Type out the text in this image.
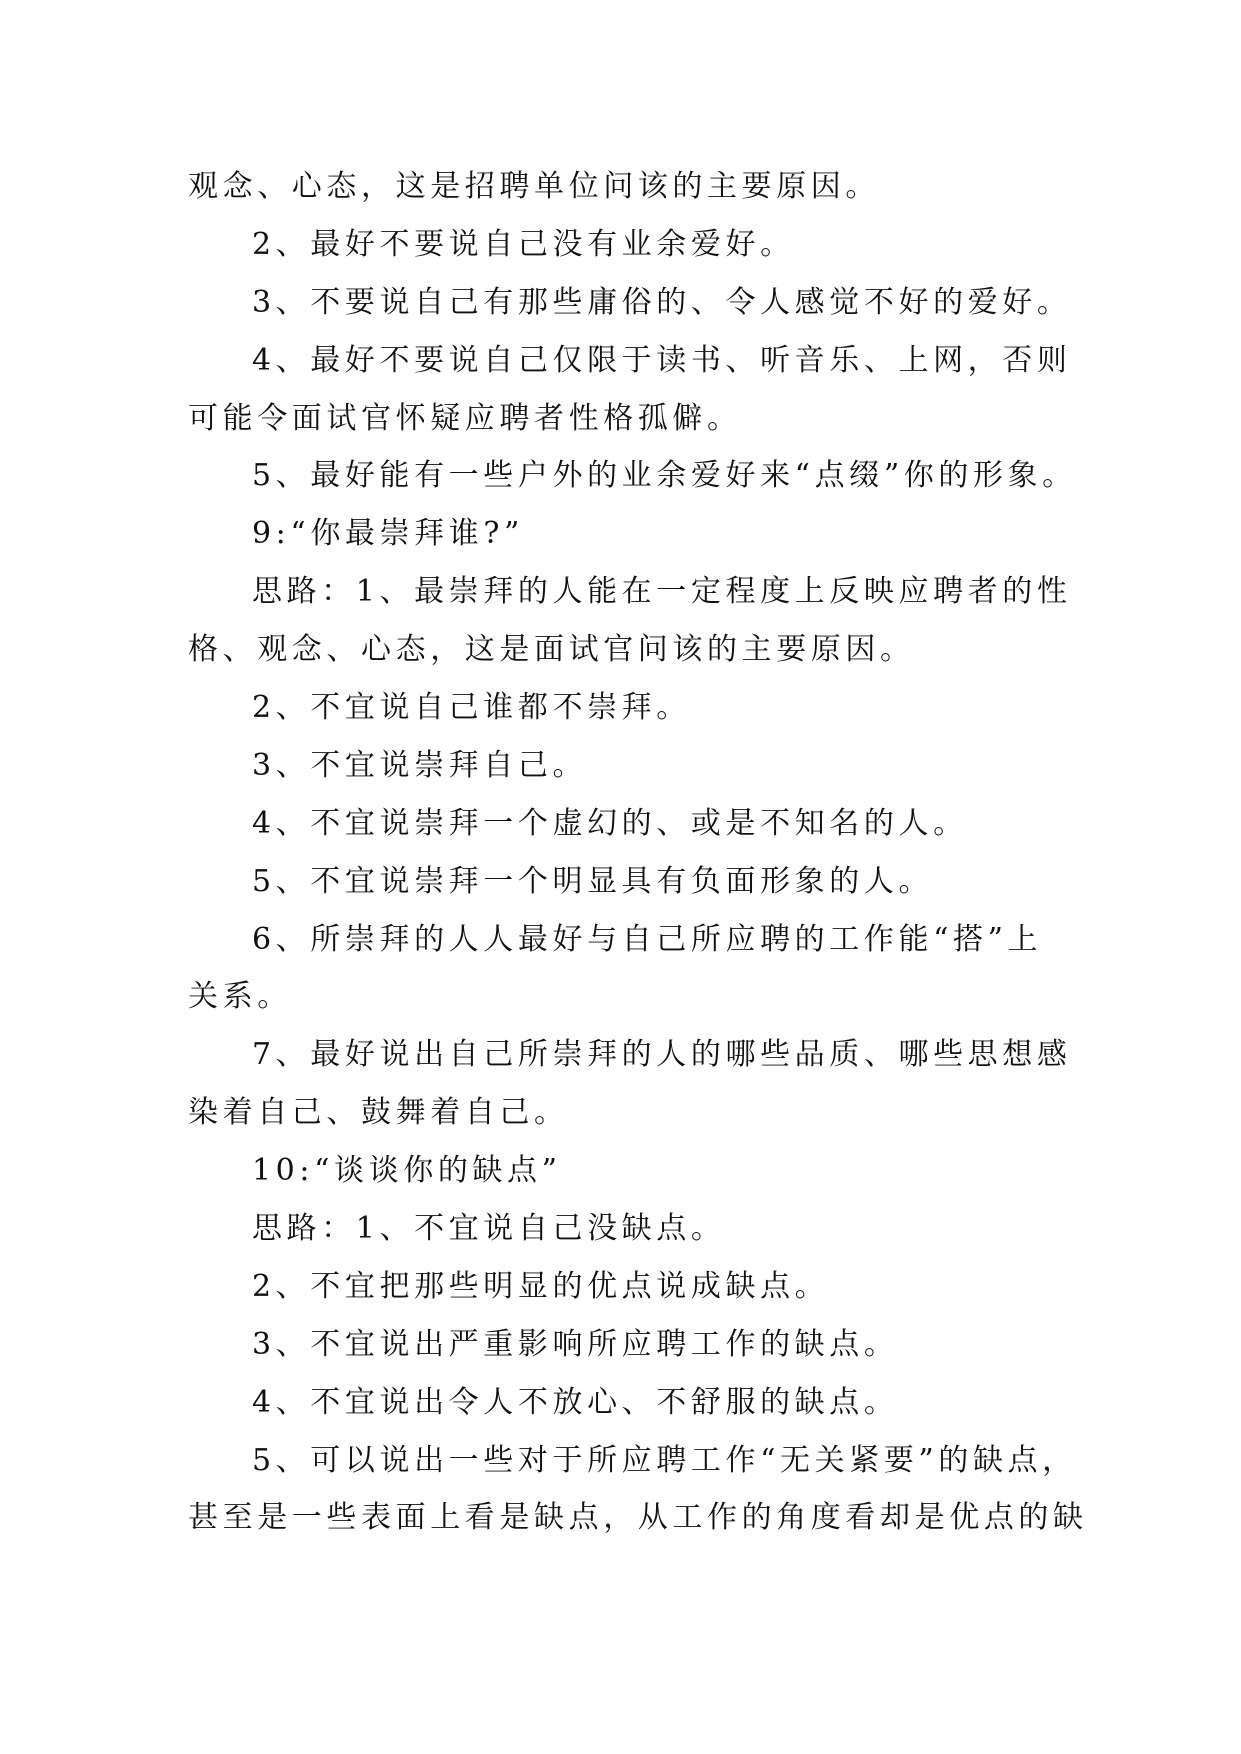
观念、心态，这是招聘单位问该的主要原因。
2、最好不要说自己没有业余爱好。
3、不要说自己有那些庸俗的、令人感觉不好的爱好。
4、最好不要说自己仅限于读书、听音乐、上网，否则
可能令面试官怀疑应聘者性格孤僻。
5、最好能有一些户外的业余爱好来“点缀”你的形象。
9:“你最崇拜谁?”
思路：1、最崇拜的人能在一定程度上反映应聘者的性
格、观念、心态，这是面试官问该的主要原因。
2、不宜说自己谁都不崇拜。
3、不宜说崇拜自己。
4、不宜说崇拜一个虚幻的、或是不知名的人。
5、不宜说崇拜一个明显具有负面形象的人。
6、所崇拜的人人最好与自己所应聘的工作能“搭”上
关系。
7、最好说出自己所崇拜的人的哪些品质、哪些思想感
染着自己、鼓舞着自己。
10:“谈谈你的缺点”
思路：1、不宜说自己没缺点。
2、不宜把那些明显的优点说成缺点。
3、不宜说出严重影响所应聘工作的缺点。
4、不宜说出令人不放心、不舒服的缺点。
5、可以说出一些对于所应聘工作“无关紧要”的缺点，
甚至是一些表面上看是缺点，从工作的角度看却是优点的缺
